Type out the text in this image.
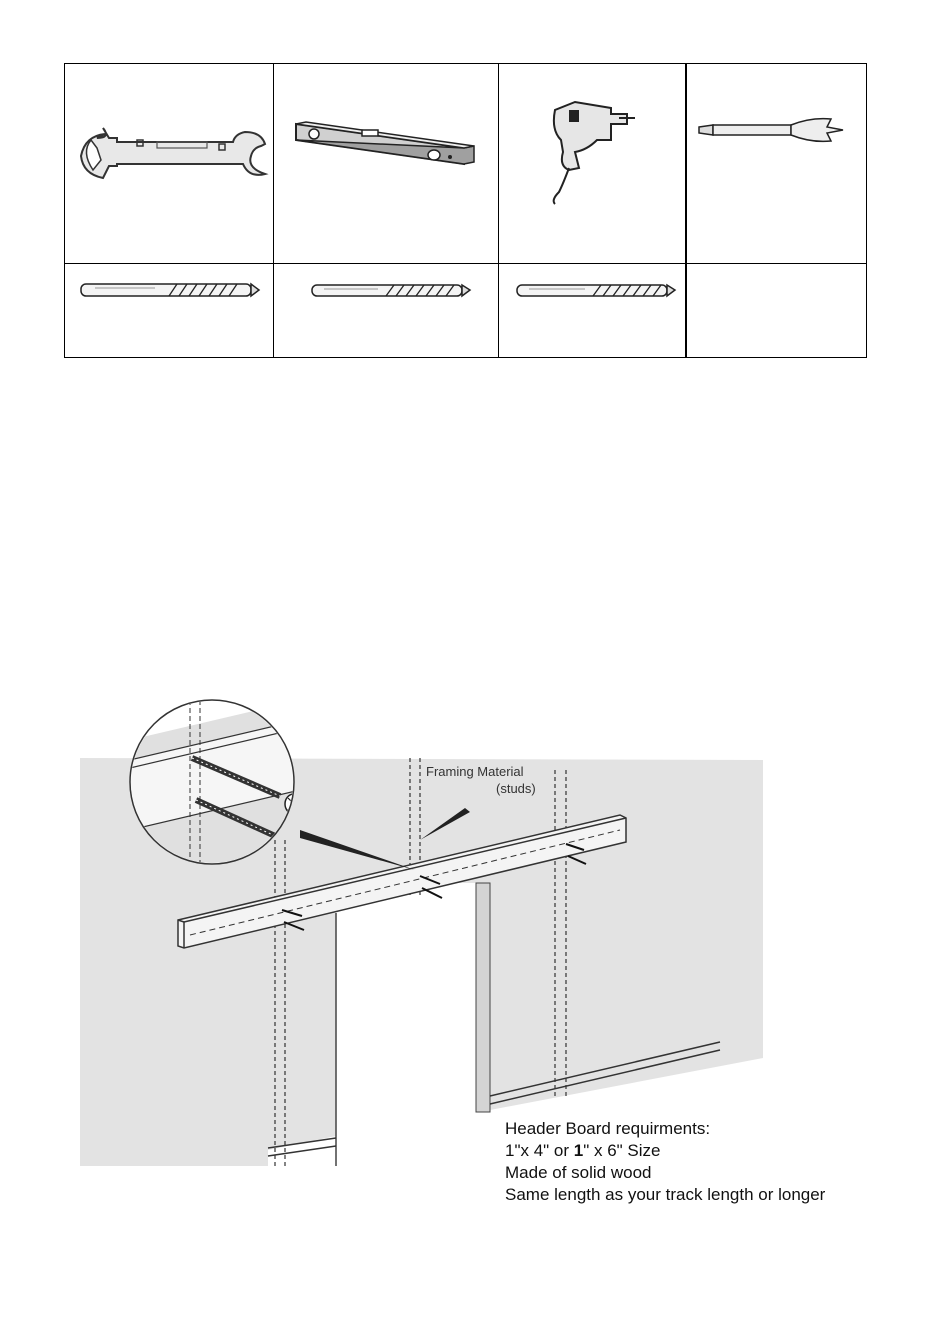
Framing Material
(studs)
Header Board requirments:
1"x 4" or 1" x 6" Size
Made of solid wood
Same length as your track length or longer
